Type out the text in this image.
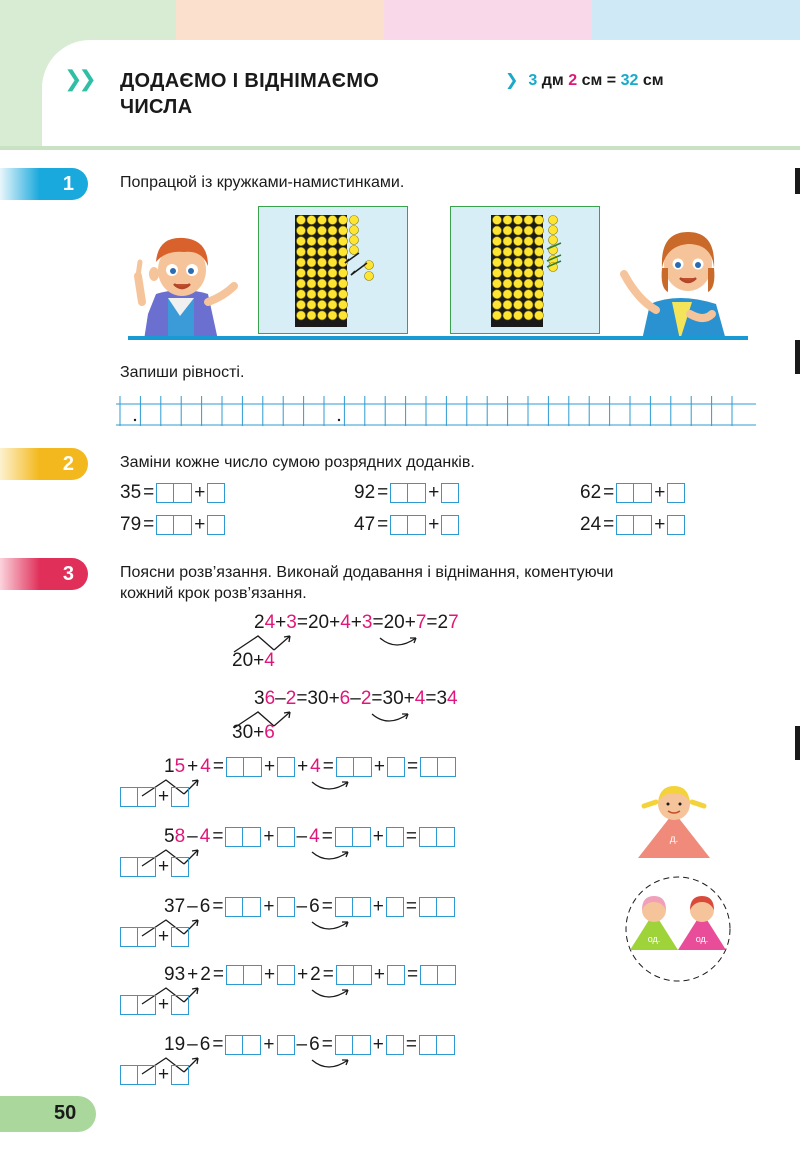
❯❯ ДОДАЄМО І ВІДНІМАЄМО
ЧИСЛА
❯ 3 дм 2 см = 32 см
1	Попрацюй із кружками-намистинками.
Запиши рівності.
2	Заміни кожне число сумою розрядних доданків.
35 = +	92 = +	62 = +
79 = +	47 = +	24 = +
3	Поясни розв’язання. Виконай додавання і віднімання, коментуючи
кожний крок розв’язання.
24+3=20+4+3=20+7=27
20+4
36–2=30+6–2=30+4=34
30+6
1 5 + 4 = + + 4 = + =
+
5 8 – 4 = + – 4 = + =
+
3 7 – 6 = + – 6 = + =
+
9 3 + 2 = + + 2 = + =
+
1 9 – 6 = + – 6 = + =
+
д.
од.	од.
50
